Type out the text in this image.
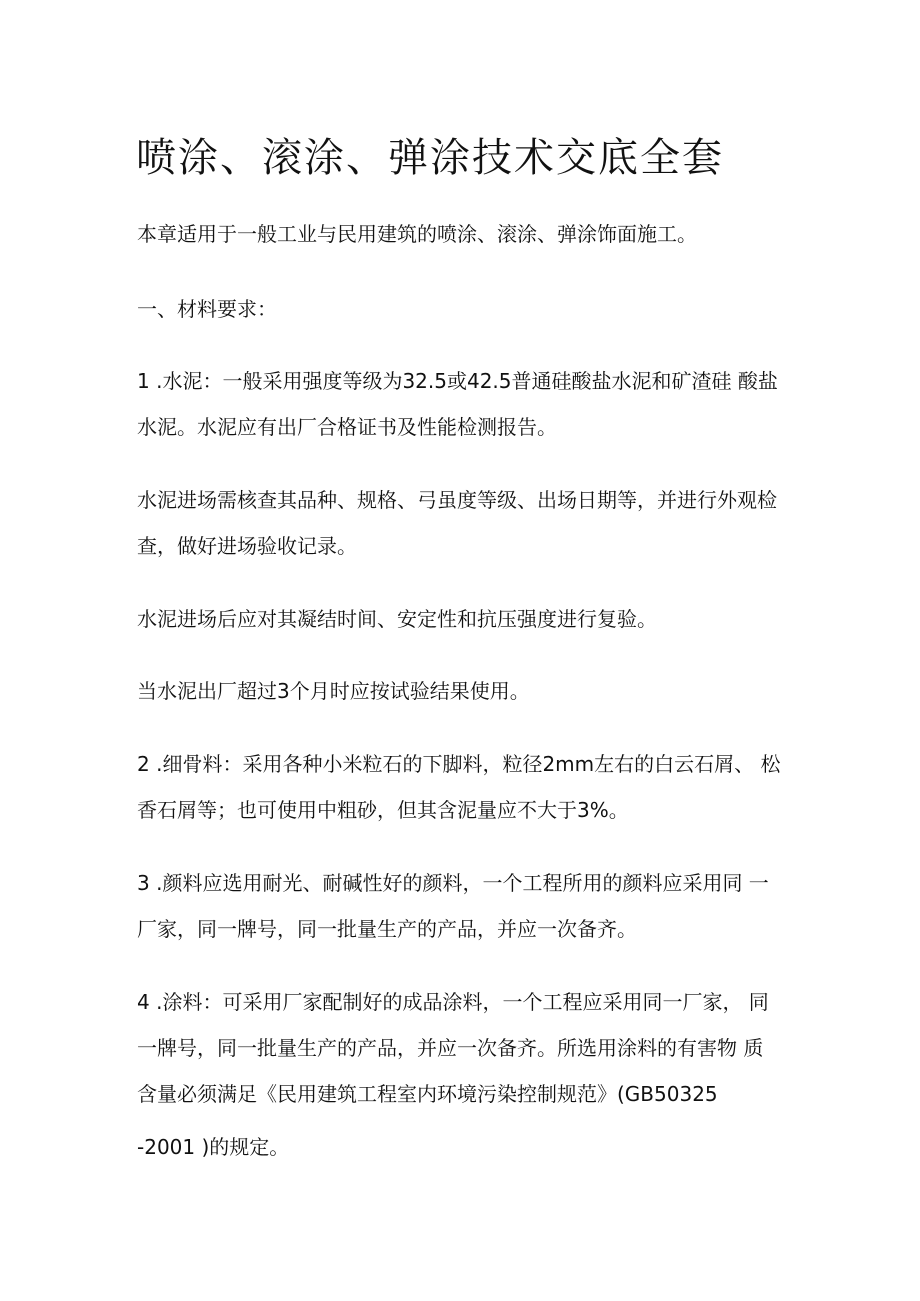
喷涂、滚涂、弹涂技术交底全套
本章适用于一般工业与民用建筑的喷涂、滚涂、弹涂饰面施工。
一、材料要求：
1 .水泥：一般采用强度等级为32.5或42.5普通硅酸盐水泥和矿渣硅 酸盐
水泥。水泥应有出厂合格证书及性能检测报告。
水泥进场需核查其品种、规格、弓虽度等级、出场日期等，并进行外观检
查，做好进场验收记录。
水泥进场后应对其凝结时间、安定性和抗压强度进行复验。
当水泥出厂超过3个月时应按试验结果使用。
2 .细骨料：采用各种小米粒石的下脚料，粒径2mm左右的白云石屑、 松
香石屑等；也可使用中粗砂，但其含泥量应不大于3%。
3 .颜料应选用耐光、耐碱性好的颜料，一个工程所用的颜料应采用同 一
厂家，同一牌号，同一批量生产的产品，并应一次备齐。
4 .涂料：可采用厂家配制好的成品涂料，一个工程应采用同一厂家， 同
一牌号，同一批量生产的产品，并应一次备齐。所选用涂料的有害物 质
含量必须满足《民用建筑工程室内环境污染控制规范》(GB50325
-2001 )的规定。
